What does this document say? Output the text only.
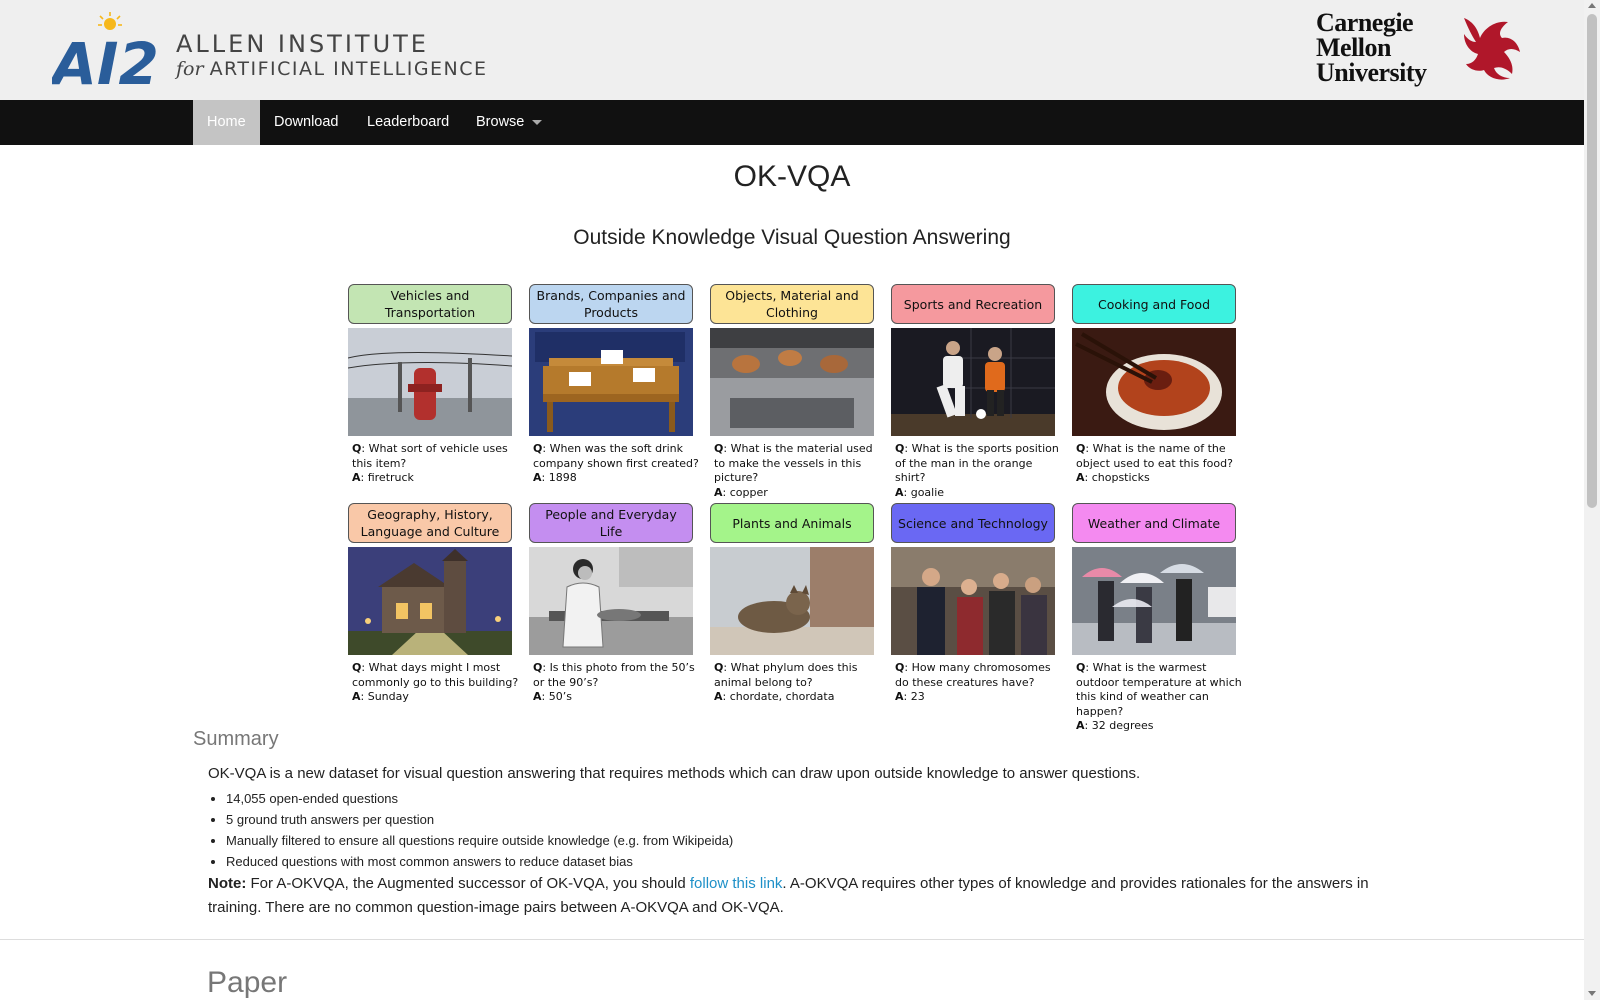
AI2 ALLEN INSTITUTE
for ARTIFICIAL INTELLIGENCE
Carnegie
Mellon
University
Home	Download	Leaderboard	Browse
OK-VQA
Outside Knowledge Visual Question Answering
Vehicles and Transportation
Q: What sort of vehicle uses this item?
A: firetruck
Brands, Companies and Products
Q: When was the soft drink company shown first created?
A: 1898
Objects, Material and Clothing
Q: What is the material used to make the vessels in this picture?
A: copper
Sports and Recreation
Q: What is the sports position of the man in the orange shirt?
A: goalie
Cooking and Food
Q: What is the name of the object used to eat this food?
A: chopsticks
Geography, History, Language and Culture
Q: What days might I most commonly go to this building?
A: Sunday
People and Everyday Life
Q: Is this photo from the 50’s or the 90’s?
A: 50’s
Plants and Animals
Q: What phylum does this animal belong to?
A: chordate, chordata
Science and Technology
Q: How many chromosomes do these creatures have?
A: 23
Weather and Climate
Q: What is the warmest outdoor temperature at which this kind of weather can happen?
A: 32 degrees
Summary
OK-VQA is a new dataset for visual question answering that requires methods which can draw upon outside knowledge to answer questions.
• 14,055 open-ended questions
• 5 ground truth answers per question
• Manually filtered to ensure all questions require outside knowledge (e.g. from Wikipeida)
• Reduced questions with most common answers to reduce dataset bias
Note: For A-OKVQA, the Augmented successor of OK-VQA, you should follow this link. A-OKVQA requires other types of knowledge and provides rationales for the answers in training. There are no common question-image pairs between A-OKVQA and OK-VQA.
Paper
